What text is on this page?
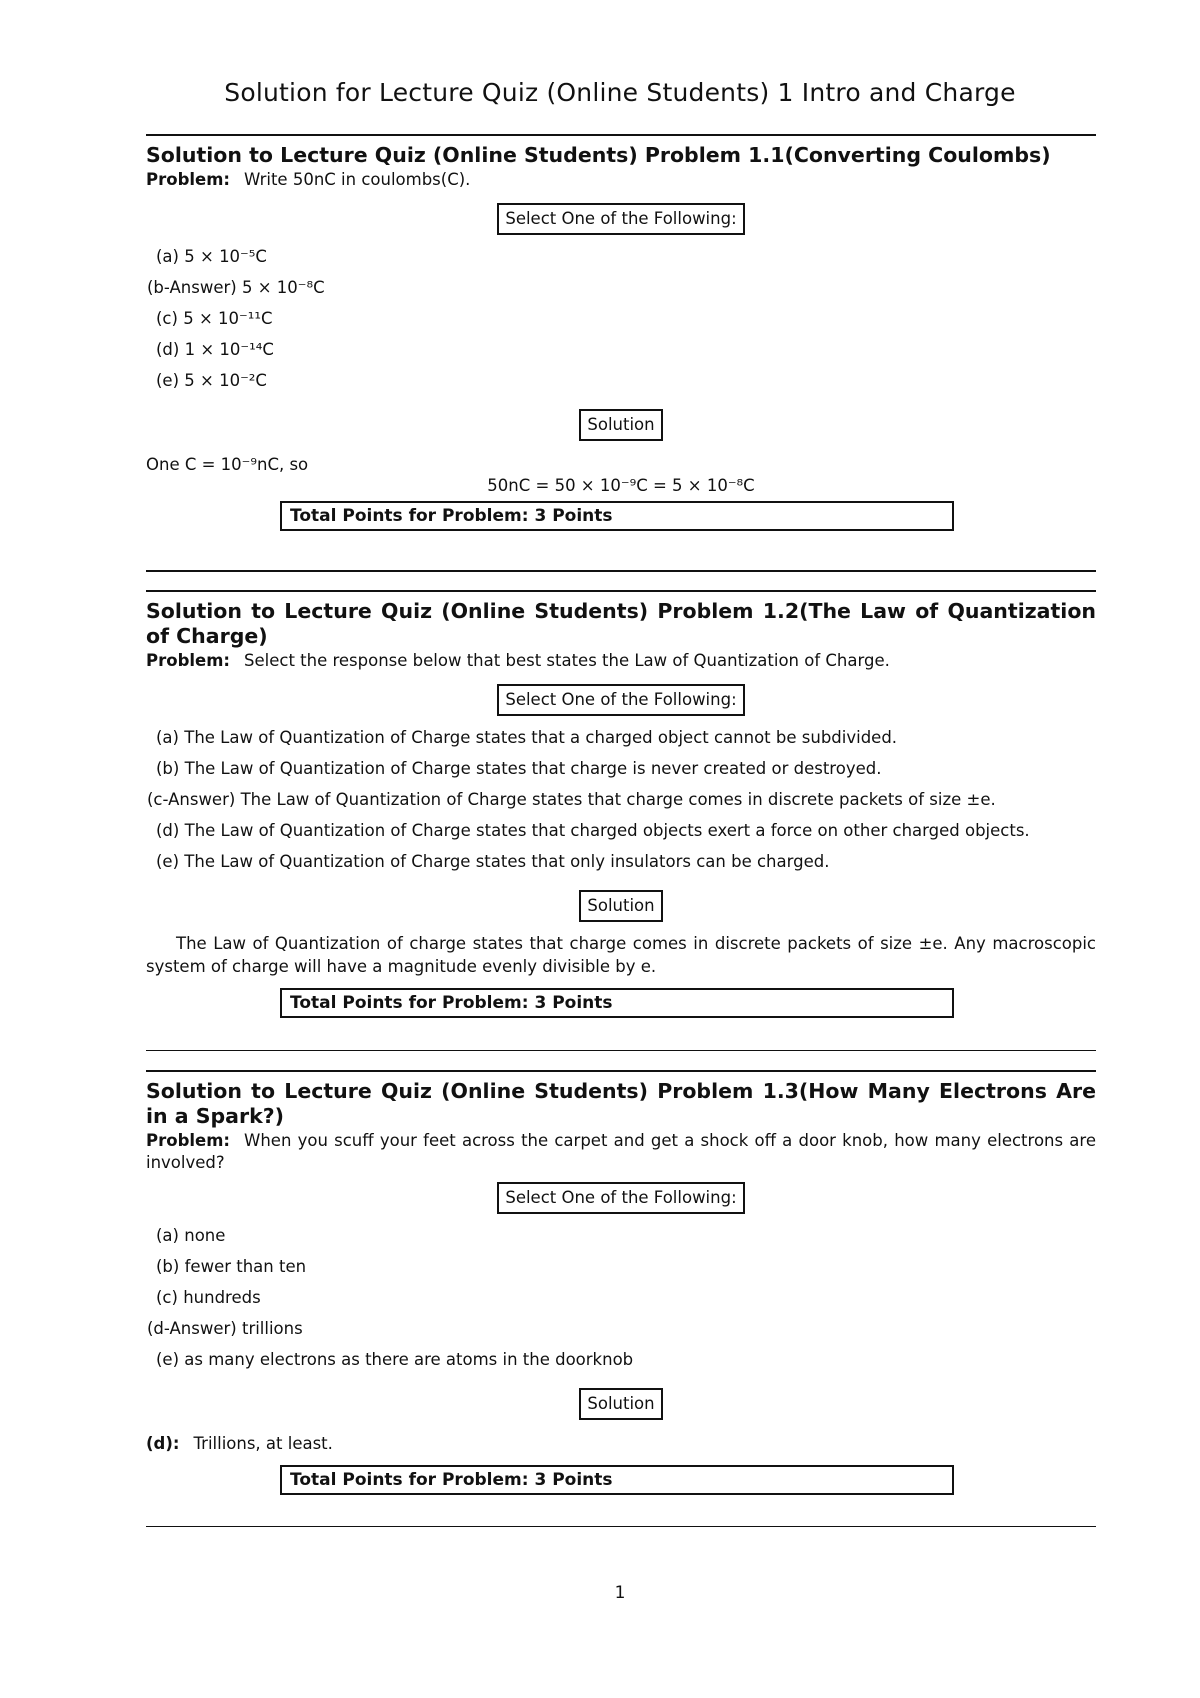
Solution for Lecture Quiz (Online Students) 1 Intro and Charge
Solution to Lecture Quiz (Online Students) Problem 1.1(Converting Coulombs)
Problem: Write 50nC in coulombs(C).
Select One of the Following:
(a) 5 × 10⁻⁵C
(b-Answer) 5 × 10⁻⁸C
(c) 5 × 10⁻¹¹C
(d) 1 × 10⁻¹⁴C
(e) 5 × 10⁻²C
Solution
One C = 10⁻⁹nC, so
50nC = 50 × 10⁻⁹C = 5 × 10⁻⁸C
Total Points for Problem: 3 Points
Solution to Lecture Quiz (Online Students) Problem 1.2(The Law of Quantization of Charge)
Problem: Select the response below that best states the Law of Quantization of Charge.
Select One of the Following:
(a) The Law of Quantization of Charge states that a charged object cannot be subdivided.
(b) The Law of Quantization of Charge states that charge is never created or destroyed.
(c-Answer) The Law of Quantization of Charge states that charge comes in discrete packets of size ±e.
(d) The Law of Quantization of Charge states that charged objects exert a force on other charged objects.
(e) The Law of Quantization of Charge states that only insulators can be charged.
Solution
The Law of Quantization of charge states that charge comes in discrete packets of size ±e. Any macroscopic system of charge will have a magnitude evenly divisible by e.
Total Points for Problem: 3 Points
Solution to Lecture Quiz (Online Students) Problem 1.3(How Many Electrons Are in a Spark?)
Problem: When you scuff your feet across the carpet and get a shock off a door knob, how many electrons are involved?
Select One of the Following:
(a) none
(b) fewer than ten
(c) hundreds
(d-Answer) trillions
(e) as many electrons as there are atoms in the doorknob
Solution
(d): Trillions, at least.
Total Points for Problem: 3 Points
1
